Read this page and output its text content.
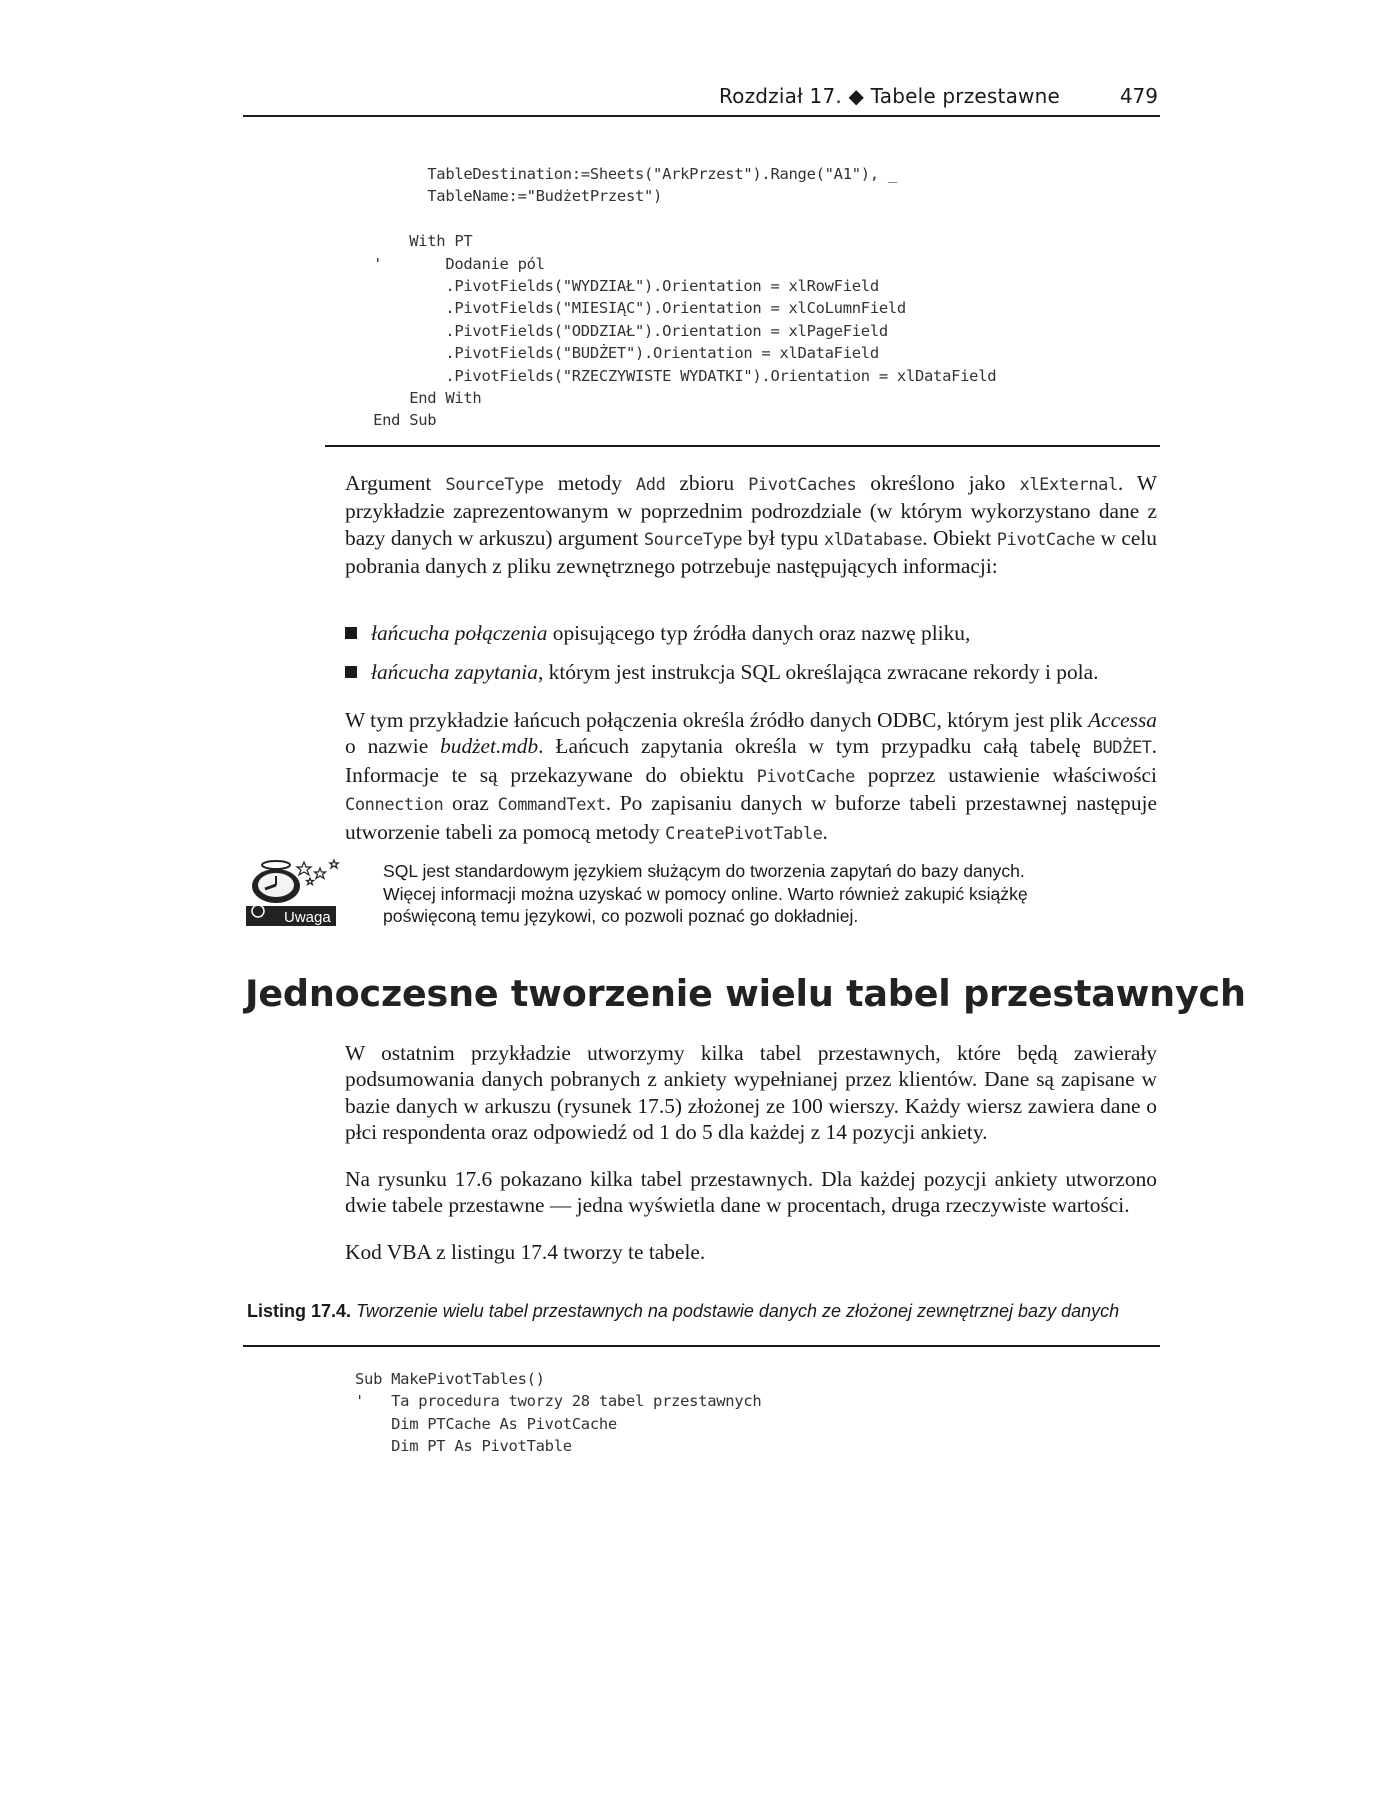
Rozdział 17. ◆ Tabele przestawne	479
TableDestination:=Sheets("ArkPrzest").Range("A1"), _
TableName:="BudżetPrzest")

With PT
'       Dodanie pól
.PivotFields("WYDZIAŁ").Orientation = xlRowField
.PivotFields("MIESIĄC").Orientation = xlCoLumnField
.PivotFields("ODDZIAŁ").Orientation = xlPageField
.PivotFields("BUDŻET").Orientation = xlDataField
.PivotFields("RZECZYWISTE WYDATKI").Orientation = xlDataField
End With
End Sub

Argument SourceType metody Add zbioru PivotCaches określono jako xlExternal. W przykładzie zaprezentowanym w poprzednim podrozdziale (w którym wykorzystano dane z bazy danych w arkuszu) argument SourceType był typu xlDatabase. Obiekt PivotCache w celu pobrania danych z pliku zewnętrznego potrzebuje następujących informacji:

łańcucha połączenia opisującego typ źródła danych oraz nazwę pliku,
łańcucha zapytania, którym jest instrukcja SQL określająca zwracane rekordy i pola.

W tym przykładzie łańcuch połączenia określa źródło danych ODBC, którym jest plik Accessa o nazwie budżet.mdb. Łańcuch zapytania określa w tym przypadku całą tabelę BUDŻET. Informacje te są przekazywane do obiektu PivotCache poprzez ustawienie właściwości Connection oraz CommandText. Po zapisaniu danych w buforze tabeli przestawnej następuje utworzenie tabeli za pomocą metody CreatePivotTable.

Uwaga
SQL jest standardowym językiem służącym do tworzenia zapytań do bazy danych.
Więcej informacji można uzyskać w pomocy online. Warto również zakupić książkę
poświęconą temu językowi, co pozwoli poznać go dokładniej.
Jednoczesne tworzenie wielu tabel przestawnych

W ostatnim przykładzie utworzymy kilka tabel przestawnych, które będą zawierały podsumowania danych pobranych z ankiety wypełnianej przez klientów. Dane są zapisane w bazie danych w arkuszu (rysunek 17.5) złożonej ze 100 wierszy. Każdy wiersz zawiera dane o płci respondenta oraz odpowiedź od 1 do 5 dla każdej z 14 pozycji ankiety.

Na rysunku 17.6 pokazano kilka tabel przestawnych. Dla każdej pozycji ankiety utworzono dwie tabele przestawne — jedna wyświetla dane w procentach, druga rzeczywiste wartości.

Kod VBA z listingu 17.4 tworzy te tabele.

Listing 17.4. Tworzenie wielu tabel przestawnych na podstawie danych ze złożonej zewnętrznej bazy danych
Sub MakePivotTables()
'   Ta procedura tworzy 28 tabel przestawnych
Dim PTCache As PivotCache
Dim PT As PivotTable
